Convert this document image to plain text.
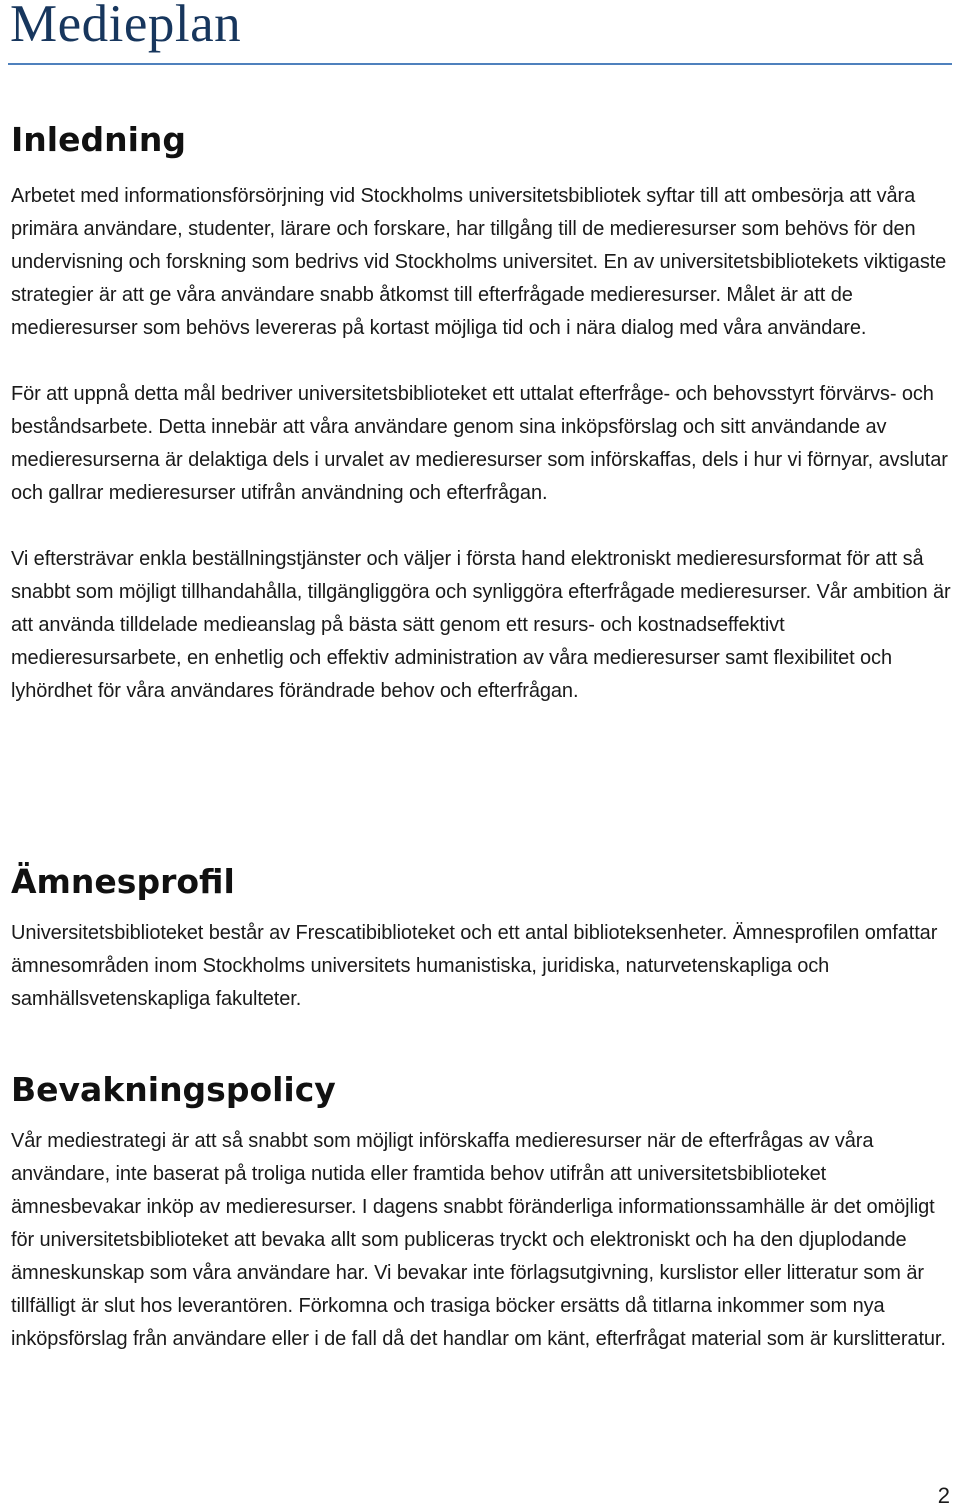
Medieplan
Inledning

Arbetet med informationsförsörjning vid Stockholms universitetsbibliotek syftar till att ombesörja att våra primära användare, studenter, lärare och forskare, har tillgång till de medieresurser som behövs för den undervisning och forskning som bedrivs vid Stockholms universitet. En av universitetsbibliotekets viktigaste strategier är att ge våra användare snabb åtkomst till efterfrågade medieresurser. Målet är att de medieresurser som behövs levereras på kortast möjliga tid och i nära dialog med våra användare.

För att uppnå detta mål bedriver universitetsbiblioteket ett uttalat efterfråge- och behovsstyrt förvärvs- och beståndsarbete. Detta innebär att våra användare genom sina inköpsförslag och sitt användande av medieresurserna är delaktiga dels i urvalet av medieresurser som införskaffas, dels i hur vi förnyar, avslutar och gallrar medieresurser utifrån användning och efterfrågan.

Vi eftersträvar enkla beställningstjänster och väljer i första hand elektroniskt medieresursformat för att så snabbt som möjligt tillhandahålla, tillgängliggöra och synliggöra efterfrågade medieresurser. Vår ambition är att använda tilldelade medieanslag på bästa sätt genom ett resurs- och kostnadseffektivt medieresursarbete, en enhetlig och effektiv administration av våra medieresurser samt flexibilitet och lyhördhet för våra användares förändrade behov och efterfrågan.

Ämnesprofil

Universitetsbiblioteket består av Frescatibiblioteket och ett antal biblioteksenheter. Ämnesprofilen omfattar ämnesområden inom Stockholms universitets humanistiska, juridiska, naturvetenskapliga och samhällsvetenskapliga fakulteter.

Bevakningspolicy

Vår mediestrategi är att så snabbt som möjligt införskaffa medieresurser när de efterfrågas av våra användare, inte baserat på troliga nutida eller framtida behov utifrån att universitetsbiblioteket ämnesbevakar inköp av medieresurser. I dagens snabbt föränderliga informationssamhälle är det omöjligt för universitetsbiblioteket att bevaka allt som publiceras tryckt och elektroniskt och ha den djuplodande ämneskunskap som våra användare har. Vi bevakar inte förlagsutgivning, kurslistor eller litteratur som är tillfälligt är slut hos leverantören. Förkomna och trasiga böcker ersätts då titlarna inkommer som nya inköpsförslag från användare eller i de fall då det handlar om känt, efterfrågat material som är kurslitteratur.

2
